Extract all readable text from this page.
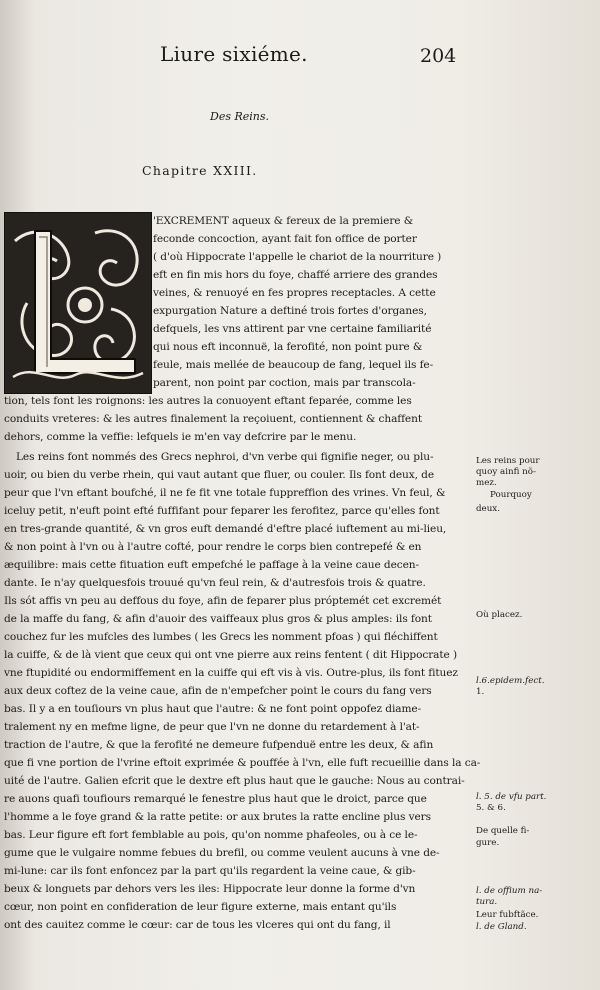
Liure sixiéme.	204
Des Reins.
Chapitre XXIII.
'EXCREMENT aqueux & fereux de la premiere &
feconde concoction, ayant fait fon office de porter
( d'où Hippocrate l'appelle le chariot de la nourriture )
eft en fin mis hors du foye, chaffé arriere des grandes
veines, & renuoyé en fes propres receptacles. A cette
expurgation Nature a deftiné trois fortes d'organes,
defquels, les vns attirent par vne certaine familiarité
qui nous eft inconnuë, la ferofité, non point pure &
feule, mais mellée de beaucoup de fang, lequel ils fe-
parent, non point par coction, mais par transcola-
tion, tels font les roignons: les autres la conuoyent eftant feparée, comme les
conduits vreteres: & les autres finalement la reçoiuent, contiennent & chaffent
dehors, comme la veffie: lefquels ie m'en vay defcrire par le menu.
Les reins font nommés des Grecs nephroi, d'vn verbe qui fignifie neger, ou plu-
uoir, ou bien du verbe rhein, qui vaut autant que fluer, ou couler. Ils font deux, de
peur que l'vn eftant boufché, il ne fe fit vne totale fuppreffion des vrines. Vn feul, &
iceluy petit, n'euft point efté fuffifant pour feparer les ferofitez, parce qu'elles font
en tres-grande quantité, & vn gros euft demandé d'eftre placé iuftement au mi-lieu,
& non point à l'vn ou à l'autre cofté, pour rendre le corps bien contrepefé & en
æquilibre: mais cette fituation euft empefché le paffage à la veine caue decen-
dante. Ie n'ay quelquesfois trouué qu'vn feul rein, & d'autresfois trois & quatre.
Ils sót affis vn peu au deffous du foye, afin de feparer plus próptemét cet excremét
de la maffe du fang, & afin d'auoir des vaiffeaux plus gros & plus amples: ils font
couchez fur les mufcles des lumbes ( les Grecs les nomment pfoas ) qui fléchiffent
la cuiffe, & de là vient que ceux qui ont vne pierre aux reins fentent ( dit Hippocrate )
vne ftupidité ou endormiffement en la cuiffe qui eft vis à vis. Outre-plus, ils font fituez
aux deux coftez de la veine caue, afin de n'empefcher point le cours du fang vers
bas. Il y a en touſiours vn plus haut que l'autre: & ne font point oppofez diame-
tralement ny en mefme ligne, de peur que l'vn ne donne du retardement à l'at-
traction de l'autre, & que la ferofité ne demeure fufpenduë entre les deux, & afin
que fi vne portion de l'vrine eftoit exprimée & pouffée à l'vn, elle fuft recueillie dans la ca-
uité de l'autre. Galien efcrit que le dextre eft plus haut que le gauche: Nous au contrai-
re auons quafi toufiours remarqué le fenestre plus haut que le droict, parce que
l'homme a le foye grand & la ratte petite: or aux brutes la ratte encline plus vers
bas. Leur figure eft fort femblable au pois, qu'on nomme phafeoles, ou à ce le-
gume que le vulgaire nomme febues du brefil, ou comme veulent aucuns à vne de-
mi-lune: car ils font enfoncez par la part qu'ils regardent la veine caue, & gib-
beux & longuets par dehors vers les iles: Hippocrate leur donne la forme d'vn
cœur, non point en confideration de leur figure externe, mais entant qu'ils
ont des cauitez comme le cœur: car de tous les vlceres qui ont du fang, il
Les reins pour
quoy ainfi nõ-
mez.
Pourquoy
deux.
Où placez.
l.6.epidem.fect.
1.
l. 5. de vfu part.
5. & 6.
De quelle fi-
gure.
l. de offium na-
tura.
Leur fubftãce.
l. de Gland.
